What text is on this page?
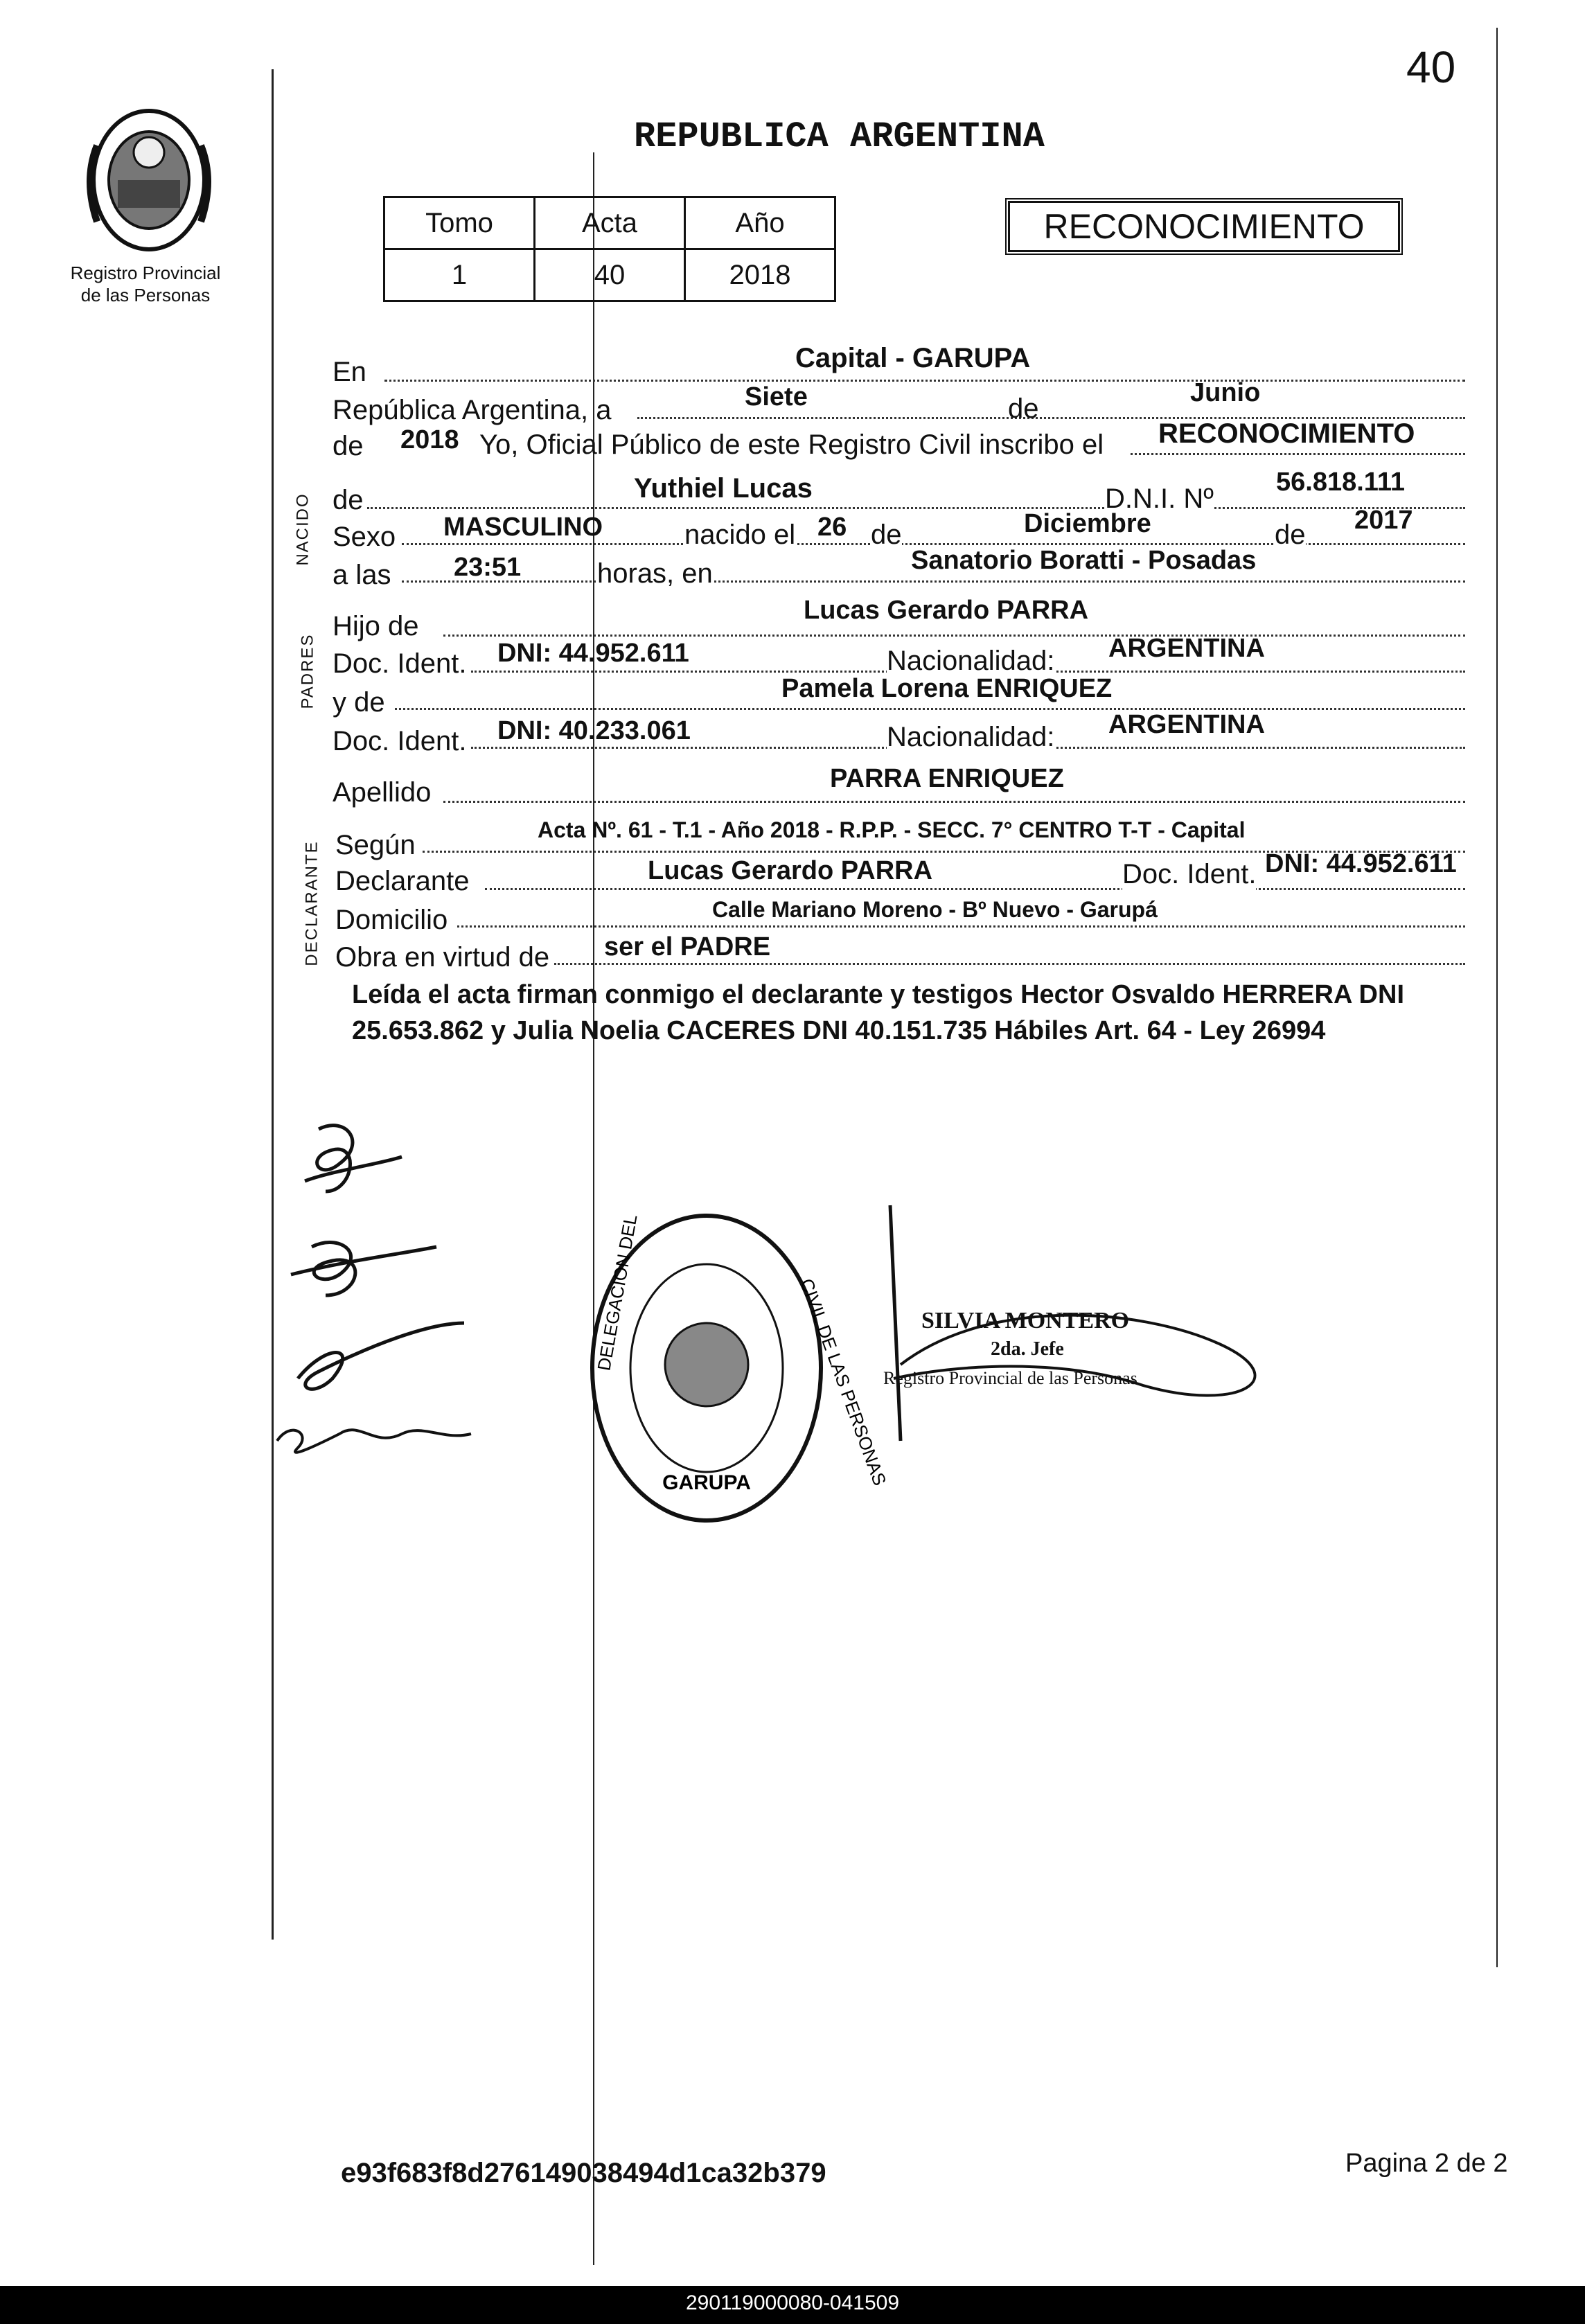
40
Registro Provincial de las Personas
REPUBLICA ARGENTINA
RECONOCIMIENTO
Tomo	Acta	Año
1	40	2018
NACIDO
PADRES
DECLARANTE
En	Capital - GARUPA
República Argentina, a	Siete	de
Junio
de 2018 Yo, Oficial Público de este Registro Civil inscribo el RECONOCIMIENTO
de	Yuthiel Lucas	D.N.I. Nº
56.818.111
Sexo MASCULINO	nacido el 26 de	Diciembre	de 2017
a las 23:51	horas, en	Sanatorio Boratti - Posadas
Hijo de
Lucas Gerardo PARRA
Doc. Ident. DNI: 44.952.611	Nacionalidad: ARGENTINA
y de	Pamela Lorena ENRIQUEZ
Doc. Ident. DNI: 40.233.061	Nacionalidad: ARGENTINA
Apellido	PARRA ENRIQUEZ
Según	Acta Nº. 61 - T.1 - Año 2018 - R.P.P. - SECC. 7° CENTRO T-T - Capital
Declarante	Lucas Gerardo PARRA	Doc. Ident. DNI: 44.952.611
Domicilio	Calle Mariano Moreno - Bº Nuevo - Garupá
Obra en virtud de ser el PADRE
Leída el acta firman conmigo el declarante y testigos Hector Osvaldo HERRERA DNI 25.653.862 y Julia Noelia CACERES DNI 40.151.735 Hábiles Art. 64 - Ley 26994
GARUPA
DELEGACION DEL	CIVIL DE LAS PERSONAS SILVIA MONTERO
2da. Jefe
Registro Provincial de las Personas
e93f683f8d276149038494d1ca32b379	Pagina 2 de 2
290119000080-041509
